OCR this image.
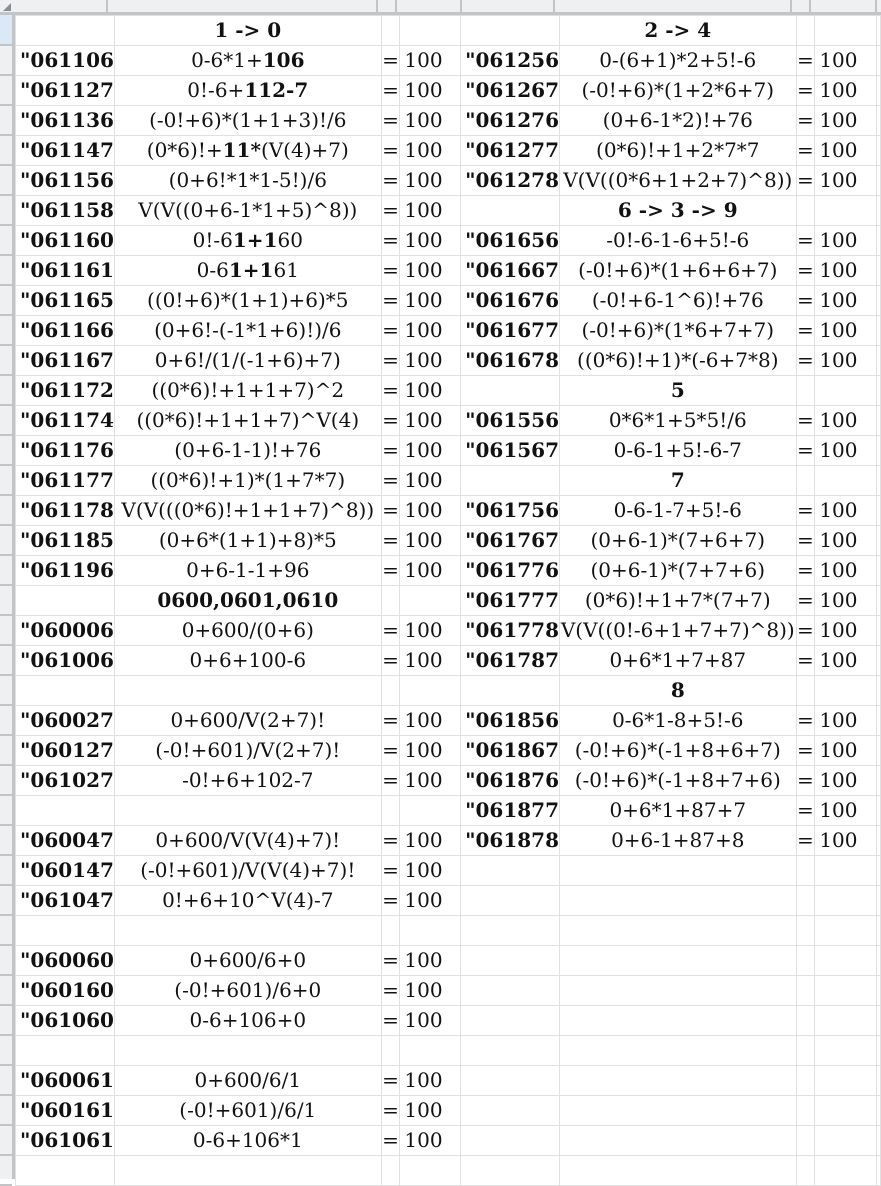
	1 -> 0				2 -> 4			
"061106	0-6*1+106	=	100	"061256	0-(6+1)*2+5!-6	=	100	
"061127	0!-6+112-7	=	100	"061267	(-0!+6)*(1+2*6+7)	=	100	
"061136	(-0!+6)*(1+1+3)!/6	=	100	"061276	(0+6-1*2)!+76	=	100	
"061147	(0*6)!+11*(V(4)+7)	=	100	"061277	(0*6)!+1+2*7*7	=	100	
"061156	(0+6!*1*1-5!)/6	=	100	"061278	V(V((0*6+1+2+7)^8))	=	100	
"061158	V(V((0+6-1*1+5)^8))	=	100		6 -> 3 -> 9			
"061160	0!-61+160	=	100	"061656	-0!-6-1-6+5!-6	=	100	
"061161	0-61+161	=	100	"061667	(-0!+6)*(1+6+6+7)	=	100	
"061165	((0!+6)*(1+1)+6)*5	=	100	"061676	(-0!+6-1^6)!+76	=	100	
"061166	(0+6!-(-1*1+6)!)/6	=	100	"061677	(-0!+6)*(1*6+7+7)	=	100	
"061167	0+6!/(1/(-1+6)+7)	=	100	"061678	((0*6)!+1)*(-6+7*8)	=	100	
"061172	((0*6)!+1+1+7)^2	=	100		5			
"061174	((0*6)!+1+1+7)^V(4)	=	100	"061556	0*6*1+5*5!/6	=	100	
"061176	(0+6-1-1)!+76	=	100	"061567	0-6-1+5!-6-7	=	100	
"061177	((0*6)!+1)*(1+7*7)	=	100		7			
"061178	V(V(((0*6)!+1+1+7)^8))	=	100	"061756	0-6-1-7+5!-6	=	100	
"061185	(0+6*(1+1)+8)*5	=	100	"061767	(0+6-1)*(7+6+7)	=	100	
"061196	0+6-1-1+96	=	100	"061776	(0+6-1)*(7+7+6)	=	100	
	0600,0601,0610			"061777	(0*6)!+1+7*(7+7)	=	100	
"060006	0+600/(0+6)	=	100	"061778	V(V((0!-6+1+7+7)^8))	=	100	
"061006	0+6+100-6	=	100	"061787	0+6*1+7+87	=	100	
					8			
"060027	0+600/V(2+7)!	=	100	"061856	0-6*1-8+5!-6	=	100	
"060127	(-0!+601)/V(2+7)!	=	100	"061867	(-0!+6)*(-1+8+6+7)	=	100	
"061027	-0!+6+102-7	=	100	"061876	(-0!+6)*(-1+8+7+6)	=	100	
				"061877	0+6*1+87+7	=	100	
"060047	0+600/V(V(4)+7)!	=	100	"061878	0+6-1+87+8	=	100	
"060147	(-0!+601)/V(V(4)+7)!	=	100					
"061047	0!+6+10^V(4)-7	=	100					

"060060	0+600/6+0	=	100					
"060160	(-0!+601)/6+0	=	100					
"061060	0-6+106+0	=	100					

"060061	0+600/6/1	=	100					
"060161	(-0!+601)/6/1	=	100					
"061061	0-6+106*1	=	100					
